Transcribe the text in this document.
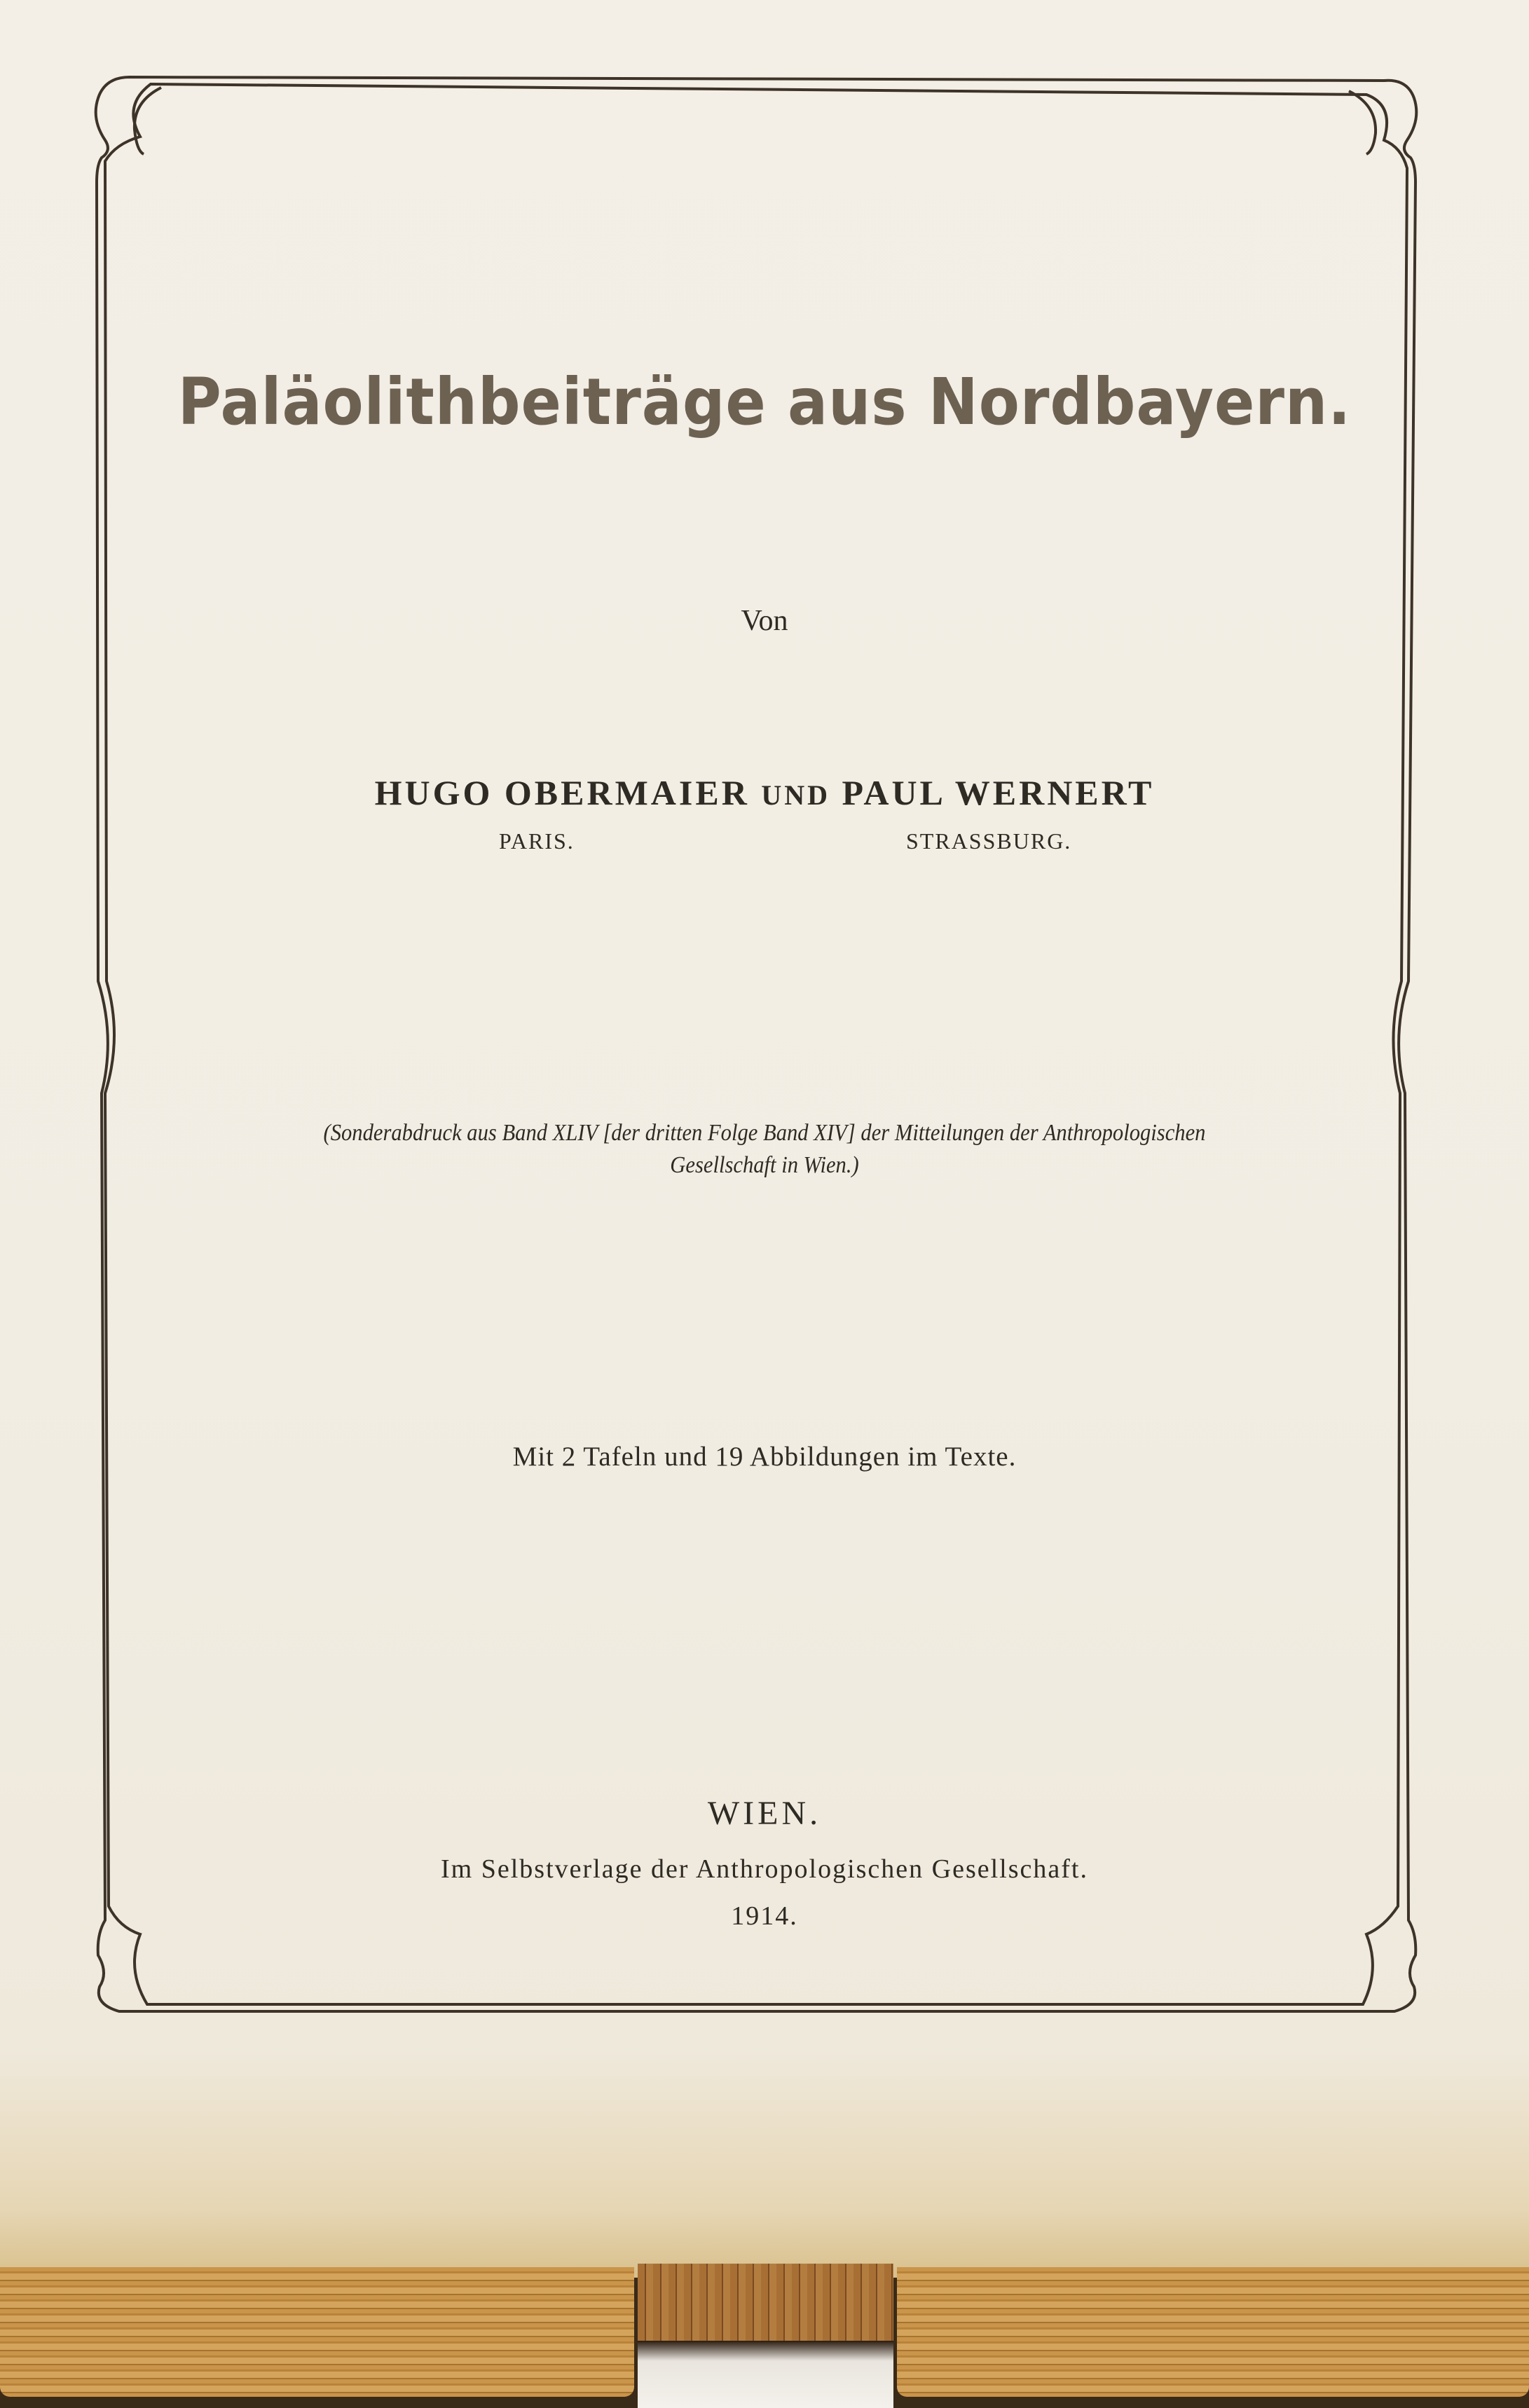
Paläolithbeiträge aus Nordbayern.
Von
HUGO OBERMAIER UND PAUL WERNERT
PARIS.	STRASSBURG.
(Sonderabdruck aus Band XLIV [der dritten Folge Band XIV] der Mitteilungen der Anthropologischen
Gesellschaft in Wien.)
Mit 2 Tafeln und 19 Abbildungen im Texte.
WIEN.
Im Selbstverlage der Anthropologischen Gesellschaft.
1914.
